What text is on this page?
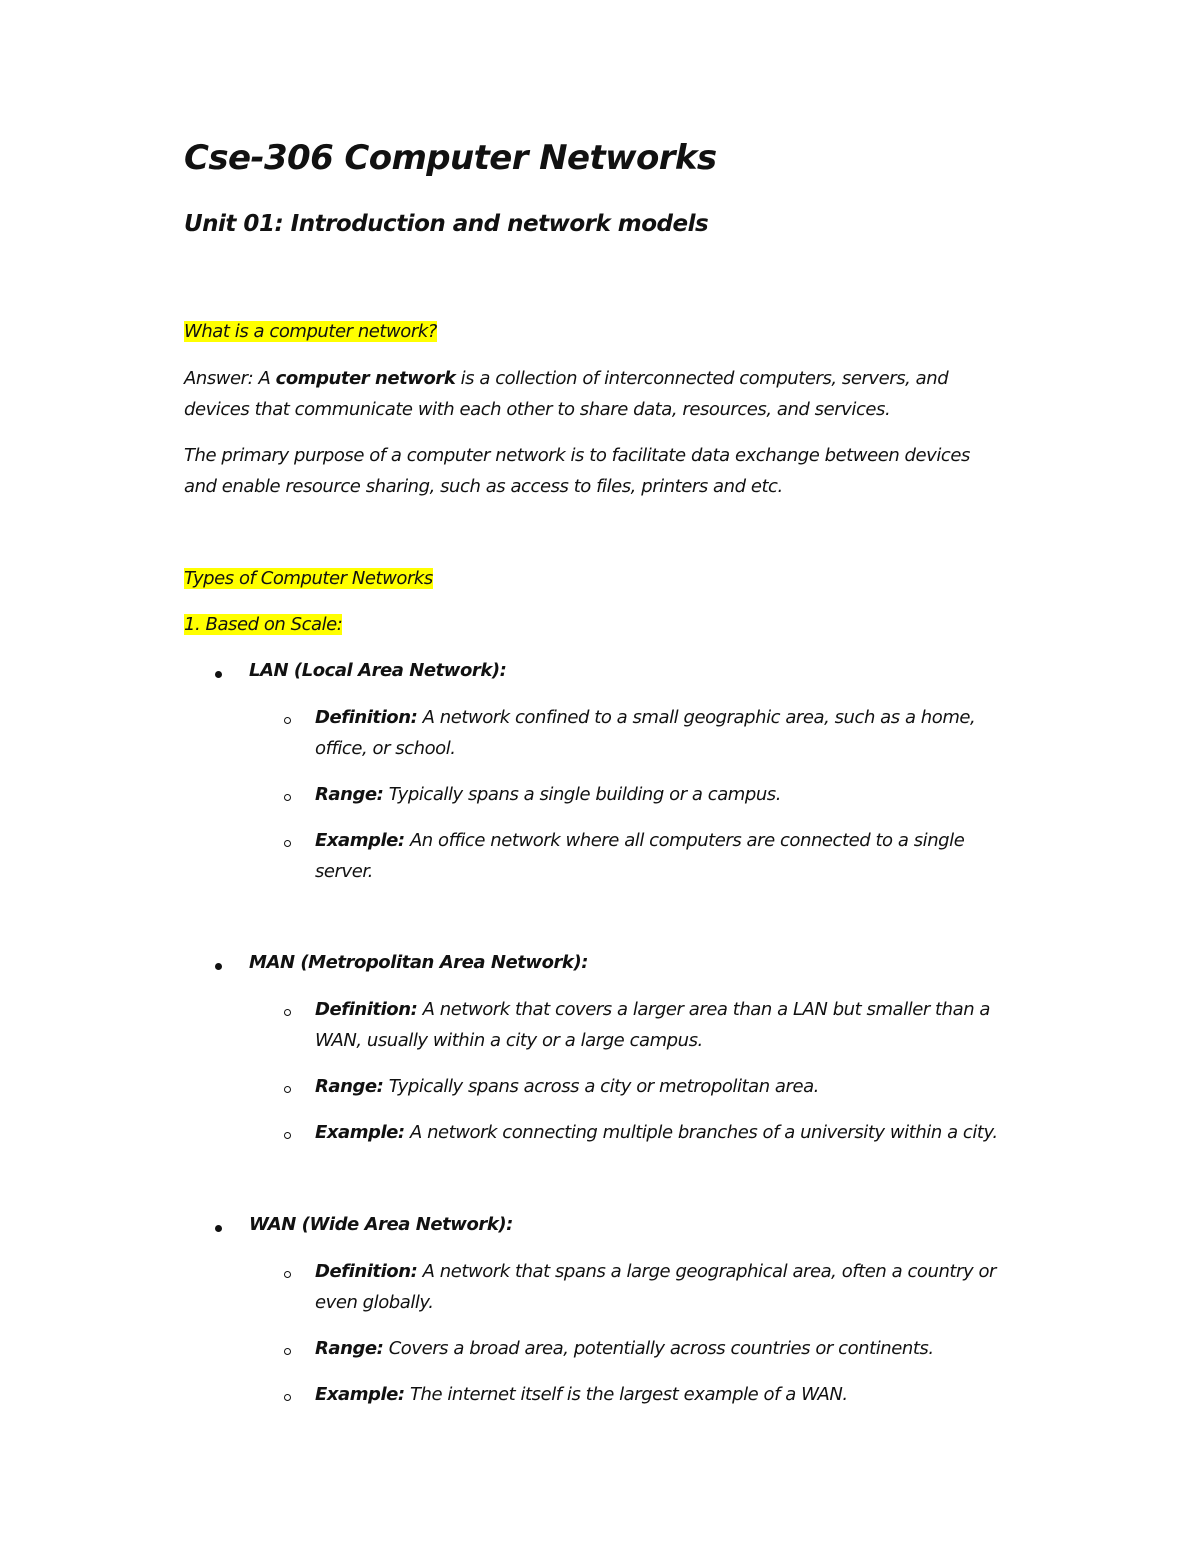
Cse-306 Computer Networks
Unit 01: Introduction and network models
What is a computer network?
Answer: A computer network is a collection of interconnected computers, servers, and
devices that communicate with each other to share data, resources, and services.
The primary purpose of a computer network is to facilitate data exchange between devices
and enable resource sharing, such as access to files, printers and etc.
Types of Computer Networks
1. Based on Scale:
LAN (Local Area Network):
Definition: A network confined to a small geographic area, such as a home,
office, or school.
Range: Typically spans a single building or a campus.
Example: An office network where all computers are connected to a single
server.
MAN (Metropolitan Area Network):
Definition: A network that covers a larger area than a LAN but smaller than a
WAN, usually within a city or a large campus.
Range: Typically spans across a city or metropolitan area.
Example: A network connecting multiple branches of a university within a city.
WAN (Wide Area Network):
Definition: A network that spans a large geographical area, often a country or
even globally.
Range: Covers a broad area, potentially across countries or continents.
Example: The internet itself is the largest example of a WAN.
